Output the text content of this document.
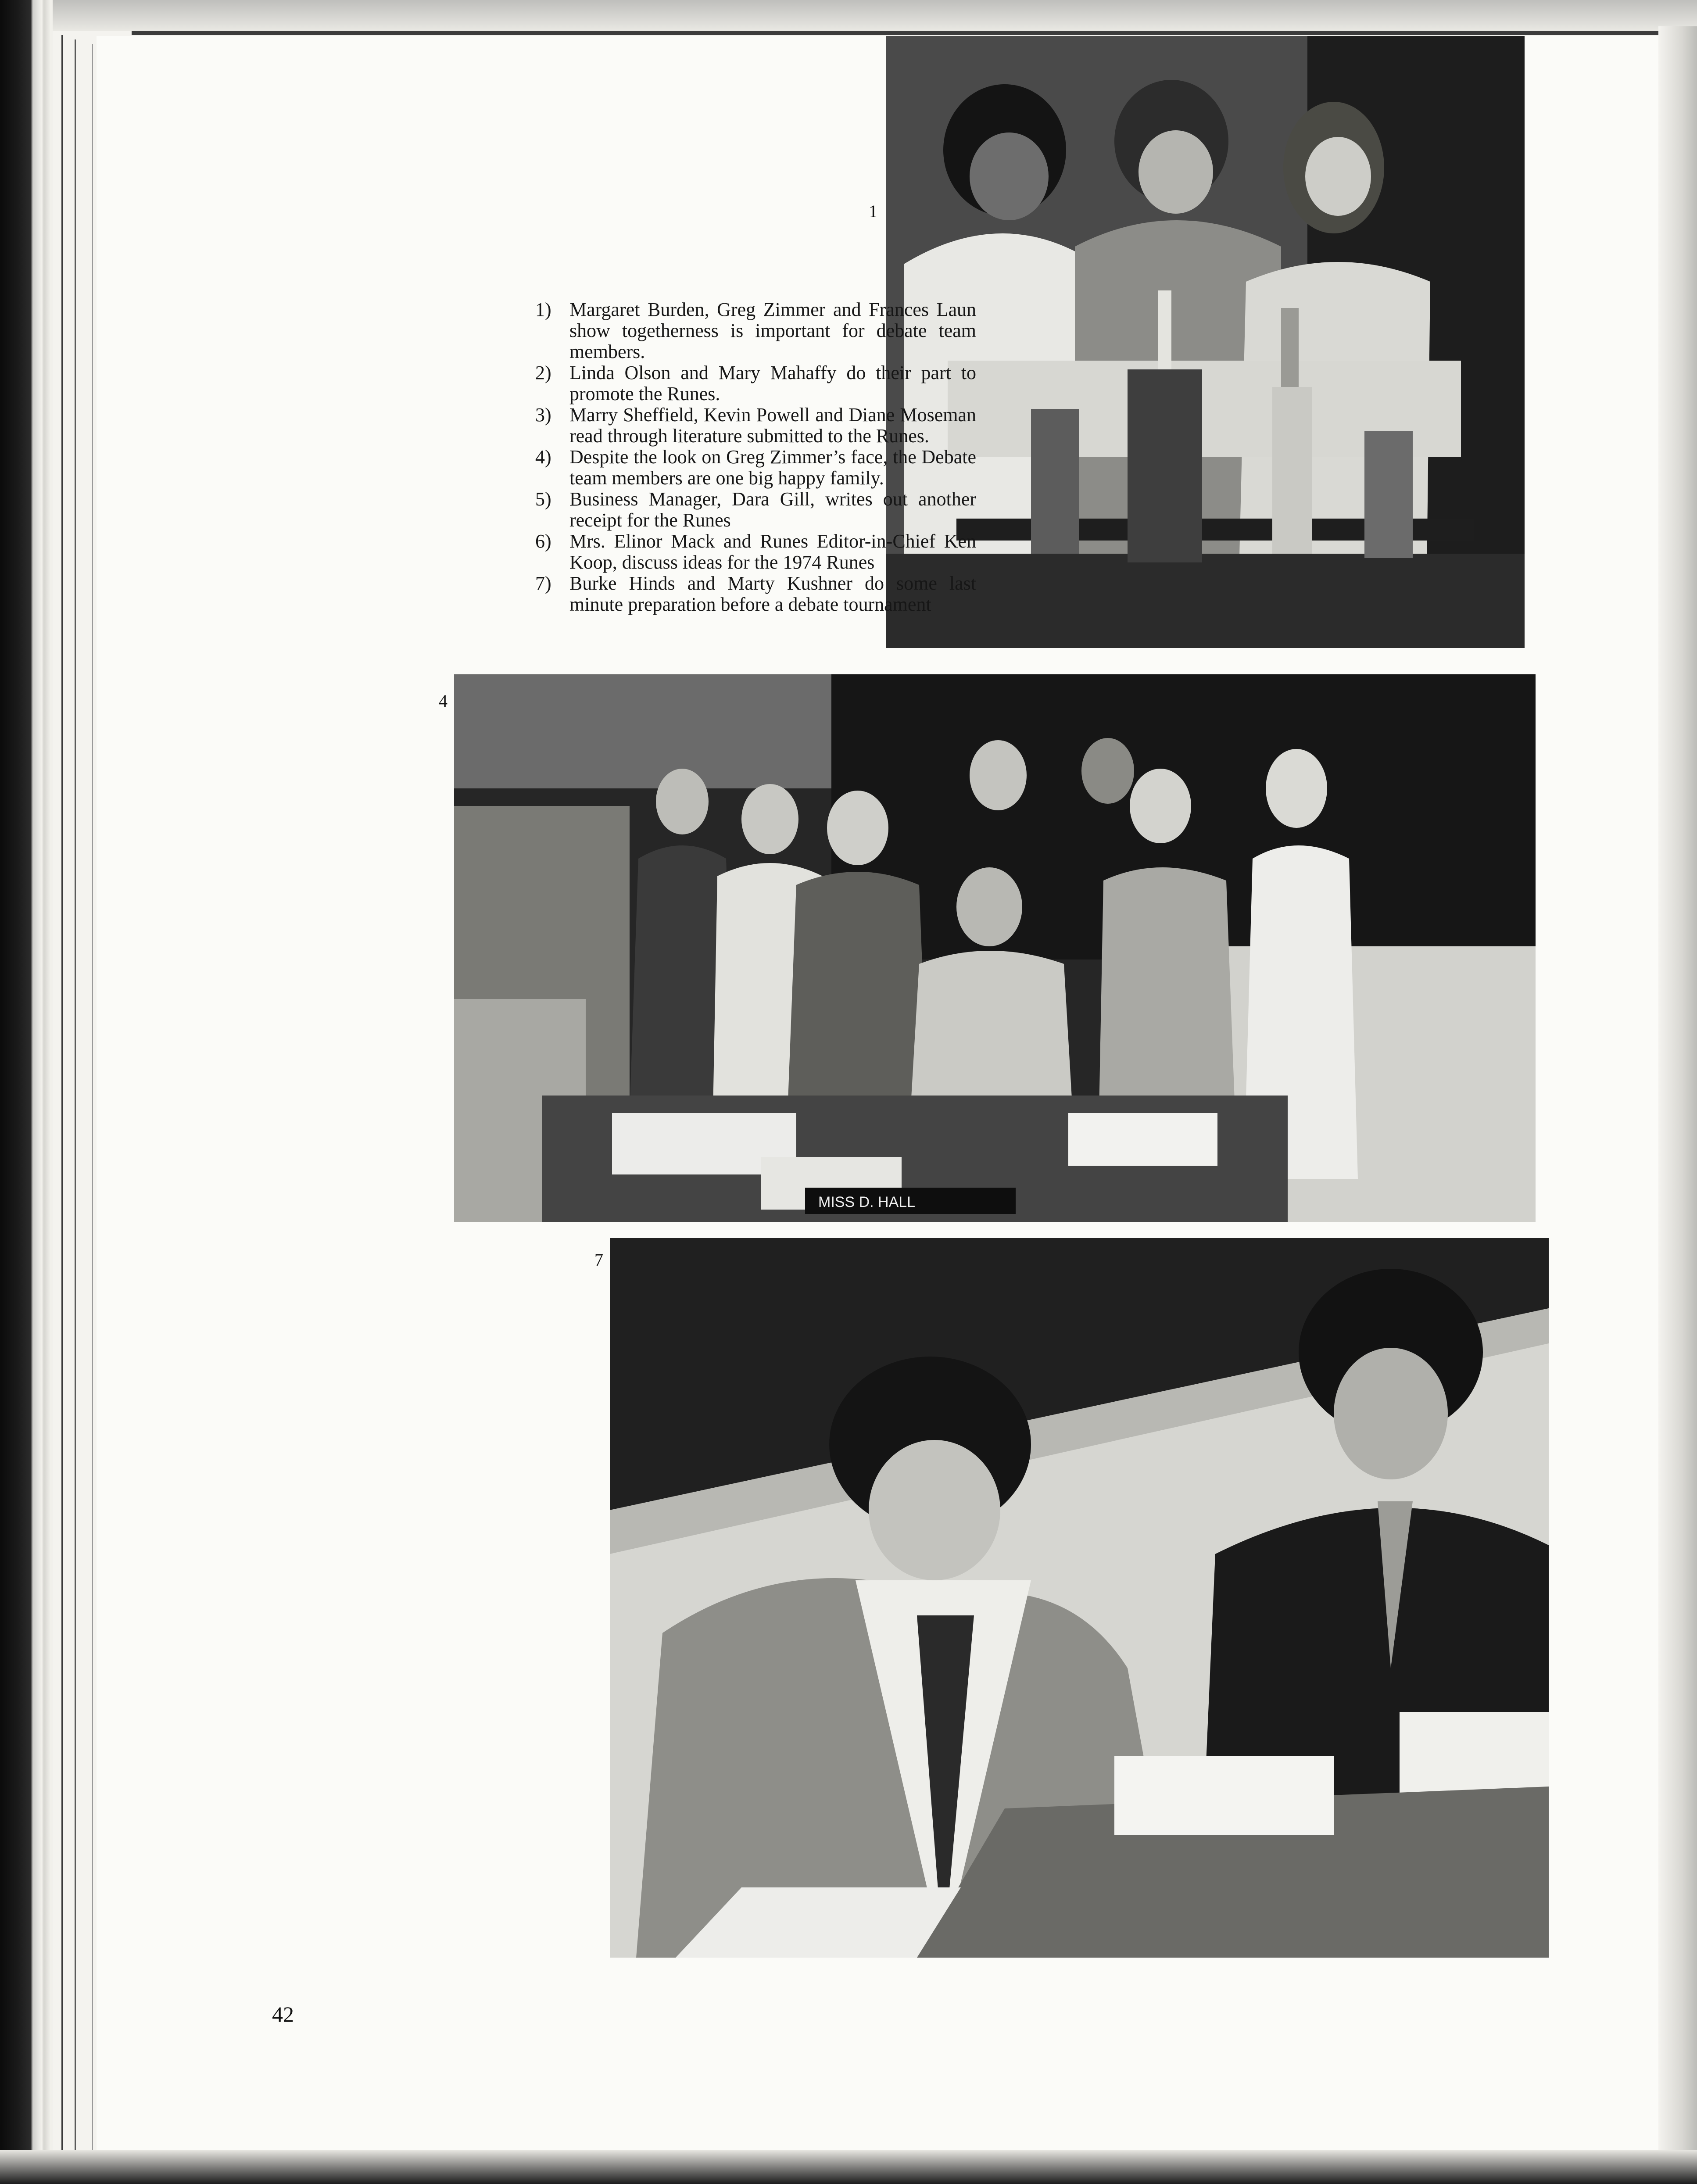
1
1) Margaret Burden, Greg Zimmer and Frances Laun show togetherness is important for debate team members.
2) Linda Olson and Mary Mahaffy do their part to promote the Runes.
3) Marry Sheffield, Kevin Powell and Diane Moseman read through literature submitted to the Runes.
4) Despite the look on Greg Zimmer’s face, the Debate team members are one big happy family.
5) Business Manager, Dara Gill, writes out another receipt for the Runes
6) Mrs. Elinor Mack and Runes Editor-in-Chief Ken Koop, discuss ideas for the 1974 Runes
7) Burke Hinds and Marty Kushner do some last minute preparation before a debate tournament
4
MISS D. HALL
7
42
